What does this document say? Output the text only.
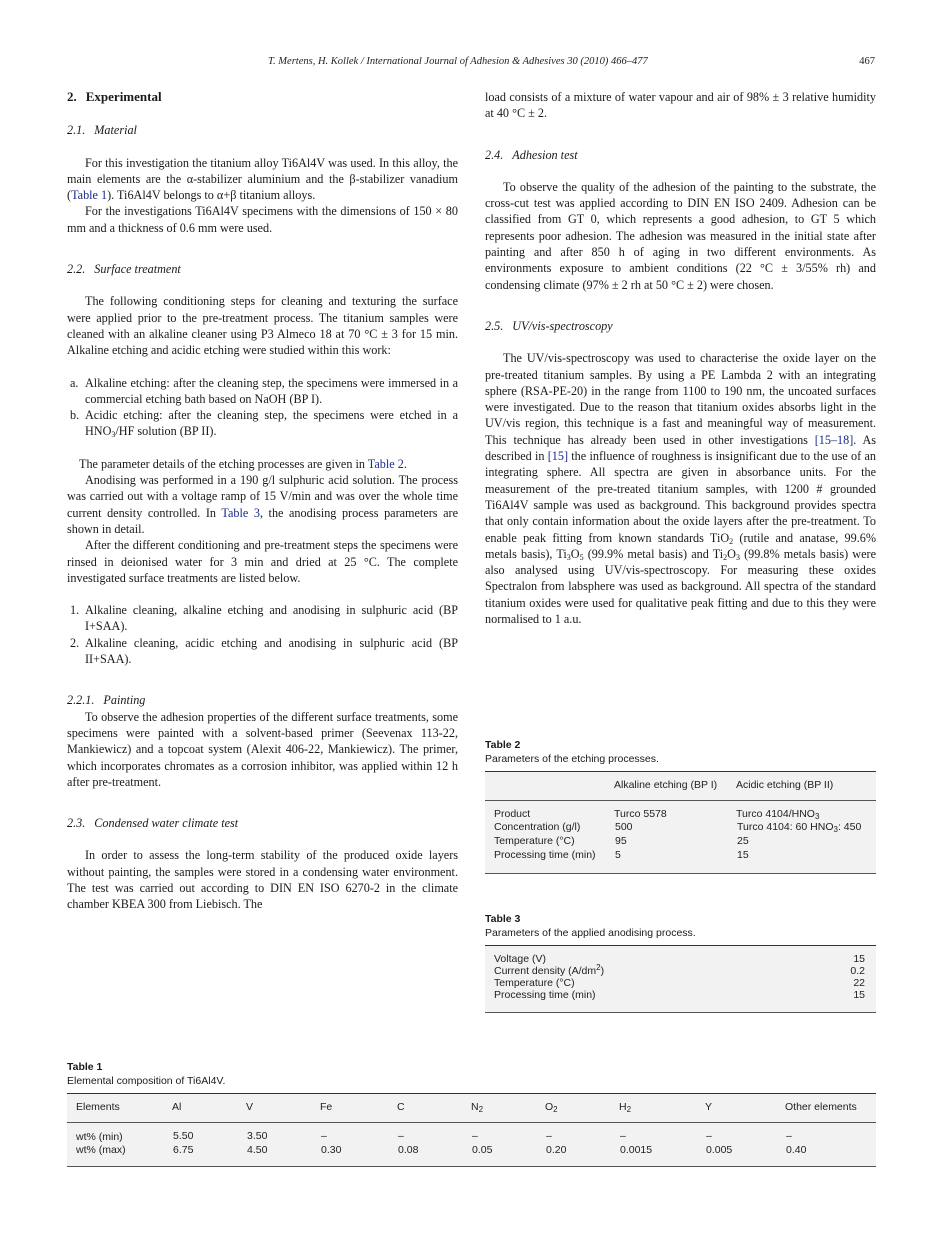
T. Mertens, H. Kollek / International Journal of Adhesion & Adhesives 30 (2010) 466–477	467
2. Experimental
2.1. Material

For this investigation the titanium alloy Ti6Al4V was used. In this alloy, the main elements are the α-stabilizer aluminium and the β-stabilizer vanadium (Table 1). Ti6Al4V belongs to α+β titanium alloys.

For the investigations Ti6Al4V specimens with the dimensions of 150 × 80 mm and a thickness of 0.6 mm were used.

2.2. Surface treatment

The following conditioning steps for cleaning and texturing the surface were applied prior to the pre-treatment process. The titanium samples were cleaned with an alkaline cleaner using P3 Almeco 18 at 70 °C ± 3 for 15 min. Alkaline etching and acidic etching were studied within this work:

a. Alkaline etching: after the cleaning step, the specimens were immersed in a commercial etching bath based on NaOH (BP I).
b. Acidic etching: after the cleaning step, the specimens were etched in a $HNO_3/HF$ solution (BP II).

The parameter details of the etching processes are given in Table 2.

Anodising was performed in a 190 g/l sulphuric acid solution. The process was carried out with a voltage ramp of 15 V/min and was over the whole time current density controlled. In Table 3, the anodising process parameters are shown in detail.

After the different conditioning and pre-treatment steps the specimens were rinsed in deionised water for 3 min and dried at 25 °C. The complete investigated surface treatments are listed below.

1. Alkaline cleaning, alkaline etching and anodising in sulphuric acid (BP I+SAA).
2. Alkaline cleaning, acidic etching and anodising in sulphuric acid (BP II+SAA).
2.2.1. Painting

To observe the adhesion properties of the different surface treatments, some specimens were painted with a solvent-based primer (Seevenax 113-22, Mankiewicz) and a topcoat system (Alexit 406-22, Mankiewicz). The primer, which incorporates chromates as a corrosion inhibitor, was applied within 12 h after pre-treatment.

2.3. Condensed water climate test

In order to assess the long-term stability of the produced oxide layers without painting, the samples were stored in a condensing water environment. The test was carried out according to DIN EN ISO 6270-2 in the climate chamber KBEA 300 from Liebisch. The

load consists of a mixture of water vapour and air of 98% ± 3 relative humidity at 40 °C ± 2.

2.4. Adhesion test

To observe the quality of the adhesion of the painting to the substrate, the cross-cut test was applied according to DIN EN ISO 2409. Adhesion can be classified from GT 0, which represents a good adhesion, to GT 5 which represents poor adhesion. The adhesion was measured in the initial state after painting and after 850 h of aging in two different environments. As environments exposure to ambient conditions (22 °C ± 3/55% rh) and condensing climate (97% ± 2 rh at 50 °C ± 2) were chosen.

2.5. UV/vis-spectroscopy

The UV/vis-spectroscopy was used to characterise the oxide layer on the pre-treated titanium samples. By using a PE Lambda 2 with an integrating sphere (RSA-PE-20) in the range from 1100 to 190 nm, the uncoated surfaces were investigated. Due to the reason that titanium oxides absorbs light in the UV/vis region, this technique is a fast and meaningful way of measurement. This technique has already been used in other investigations [15–18]. As described in [15] the influence of roughness is insignificant due to the use of an integrating sphere. All spectra are given in absorbance units. For the measurement of the pre-treated titanium samples, with 1200 # grounded Ti6Al4V sample was used as background. This background provides spectra that only contain information about the oxide layers after the pre-treatment. To enable peak fitting from known standards TiO$_2$ (rutile and anatase, 99.6% metals basis), $Ti_3O_5$ (99.9% metal basis) and $Ti_2O_3$ (99.8% metals basis) were also analysed using UV/vis-spectroscopy. For measuring these oxides Spectralon from labsphere was used as background. All spectra of the standard titanium oxides were used for qualitative peak fitting and due to this they were normalised to 1 a.u.

Table 2
Parameters of the etching processes.
	Alkaline etching (BP I)	Acidic etching (BP II)
Product	Turco 5578	Turco $4104/HNO_3$
Concentration (g/l)	500	Turco 4104: 60 $HNO_3$: 450
Temperature (°C)	95	25
Processing time (min)	5	15
Table 3
Parameters of the applied anodising process.
Voltage (V)	15
Current density $(A/dm^2)$	0.2
Temperature (°C)	22
Processing time (min)	15
Table 1
Elemental composition of Ti6Al4V.
Elements	Al	V	Fe	C	$N_2$	$O_2$	$H_2$	Y	Other elements
wt% (min)	5.50	3.50	–	–	–	–	–	–	–
wt% (max)	6.75	4.50	0.30	0.08	0.05	0.20	0.0015	0.005	0.40
